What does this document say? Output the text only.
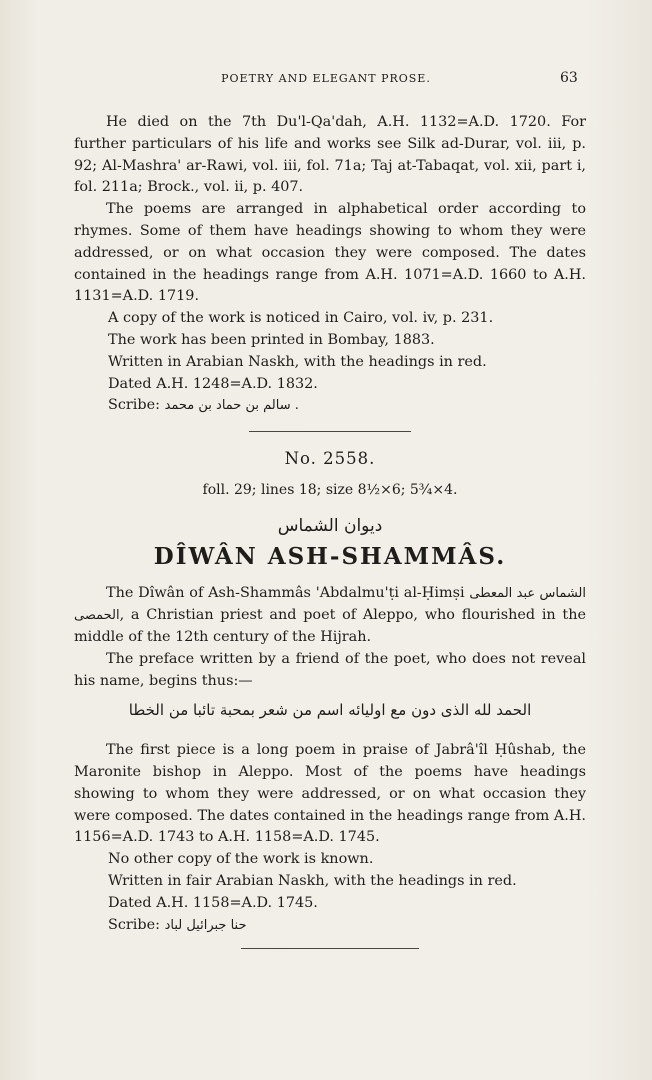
POETRY AND ELEGANT PROSE.	63

He died on the 7th Du'l-Qa'dah, A.H. 1132=A.D. 1720. For further particulars of his life and works see Silk ad-Durar, vol. iii, p. 92; Al-Mashra' ar-Rawi, vol. iii, fol. 71a; Taj at-Tabaqat, vol. xii, part i, fol. 211a; Brock., vol. ii, p. 407.

The poems are arranged in alphabetical order according to rhymes. Some of them have headings showing to whom they were addressed, or on what occasion they were composed. The dates contained in the headings range from A.H. 1071=A.D. 1660 to A.H. 1131=A.D. 1719.

A copy of the work is noticed in Cairo, vol. iv, p. 231.

The work has been printed in Bombay, 1883.

Written in Arabian Naskh, with the headings in red.

Dated A.H. 1248=A.D. 1832.

Scribe: سالم بن حماد بن محمد .

No. 2558.
foll. 29; lines 18; size 8½×6; 5¾×4.
ديوان الشماس
DÎWÂN ASH-SHAMMÂS.

The Dîwân of Ash-Shammâs 'Abdalmu'ṭi al-Ḥimṣi الشماس عبد المعطى الحمصى, a Christian priest and poet of Aleppo, who flourished in the middle of the 12th century of the Hijrah.

The preface written by a friend of the poet, who does not reveal his name, begins thus:—

الحمد لله الذى دون مع اوليائه اسم من شعر بمحبة تائبا من الخطا

The first piece is a long poem in praise of Jabrâ'îl Ḥûshab, the Maronite bishop in Aleppo. Most of the poems have headings showing to whom they were addressed, or on what occasion they were composed. The dates contained in the headings range from A.H. 1156=A.D. 1743 to A.H. 1158=A.D. 1745.

No other copy of the work is known.

Written in fair Arabian Naskh, with the headings in red.

Dated A.H. 1158=A.D. 1745.

Scribe: حنا جبرائيل لباد
